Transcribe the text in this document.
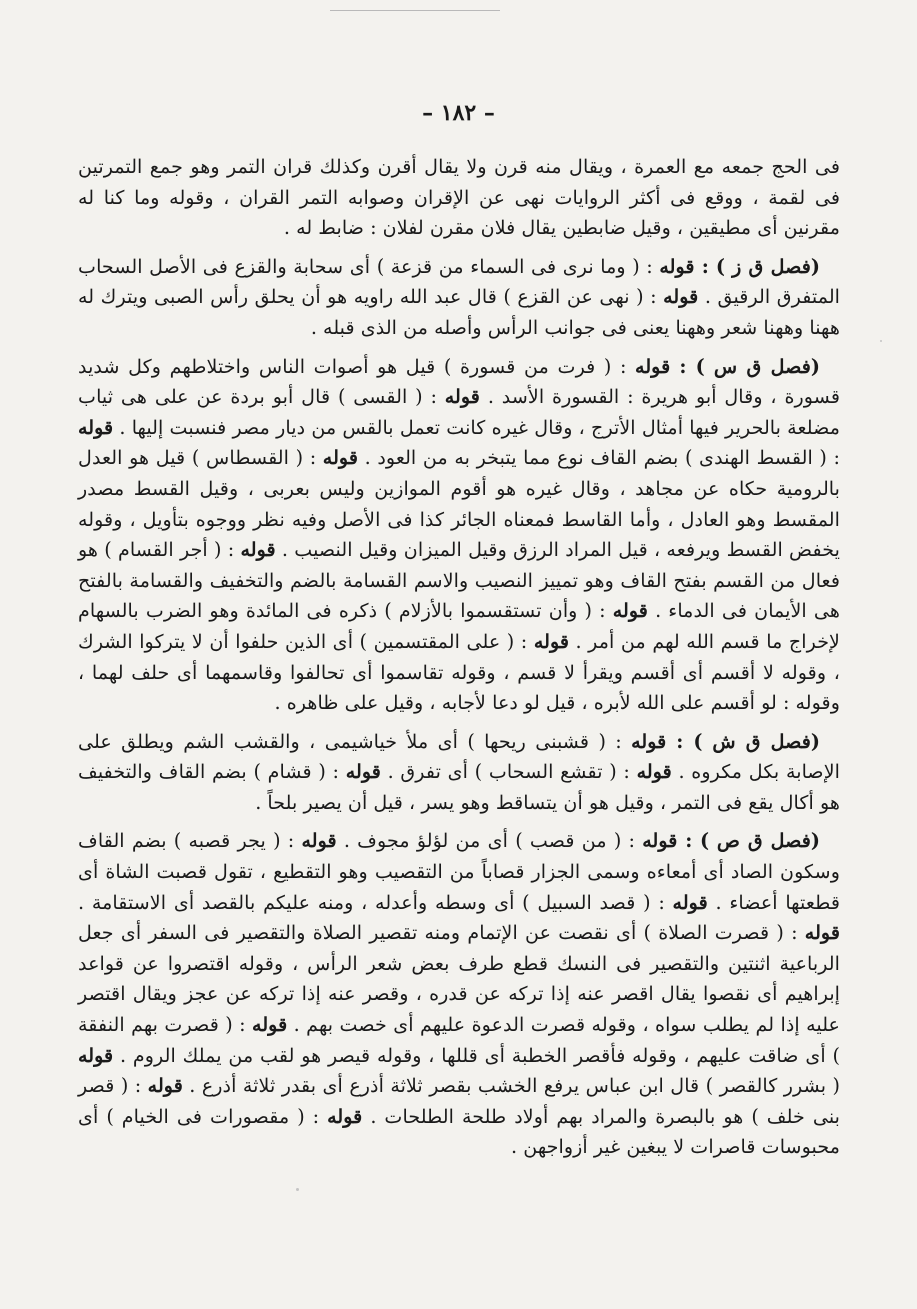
– ١٨٢ –

فى الحج جمعه مع العمرة ، ويقال منه قرن ولا يقال أقرن وكذلك قران التمر وهو جمع التمرتين فى لقمة ، ووقع فى أكثر الروايات نهى عن الإقران وصوابه التمر القران ، وقوله وما كنا له مقرنين أى مطيقين ، وقيل ضابطين يقال فلان مقرن لفلان : ضابط له .

(فصل ق ز ) : قوله : ( وما نرى فى السماء من قزعة ) أى سحابة والقزع فى الأصل السحاب المتفرق الرقيق . قوله : ( نهى عن القزع ) قال عبد الله راويه هو أن يحلق رأس الصبى ويترك له ههنا وههنا شعر وههنا يعنى فى جوانب الرأس وأصله من الذى قبله .

(فصل ق س ) : قوله : ( فرت من قسورة ) قيل هو أصوات الناس واختلاطهم وكل شديد قسورة ، وقال أبو هريرة : القسورة الأسد . قوله : ( القسى ) قال أبو بردة عن على هى ثياب مضلعة بالحرير فيها أمثال الأترج ، وقال غيره كانت تعمل بالقس من ديار مصر فنسبت إليها . قوله : ( القسط الهندى ) بضم القاف نوع مما يتبخر به من العود . قوله : ( القسطاس ) قيل هو العدل بالرومية حكاه عن مجاهد ، وقال غيره هو أقوم الموازين وليس بعربى ، وقيل القسط مصدر المقسط وهو العادل ، وأما القاسط فمعناه الجائر كذا فى الأصل وفيه نظر ووجوه بتأويل ، وقوله يخفض القسط ويرفعه ، قيل المراد الرزق وقيل الميزان وقيل النصيب . قوله : ( أجر القسام ) هو فعال من القسم بفتح القاف وهو تمييز النصيب والاسم القسامة بالضم والتخفيف والقسامة بالفتح هى الأيمان فى الدماء . قوله : ( وأن تستقسموا بالأزلام ) ذكره فى المائدة وهو الضرب بالسهام لإخراج ما قسم الله لهم من أمر . قوله : ( على المقتسمين ) أى الذين حلفوا أن لا يتركوا الشرك ، وقوله لا أقسم أى أقسم ويقرأ لا قسم ، وقوله تقاسموا أى تحالفوا وقاسمهما أى حلف لهما ، وقوله : لو أقسم على الله لأبره ، قيل لو دعا لأجابه ، وقيل على ظاهره .

(فصل ق ش ) : قوله : ( قشبنى ريحها ) أى ملأ خياشيمى ، والقشب الشم ويطلق على الإصابة بكل مكروه . قوله : ( تقشع السحاب ) أى تفرق . قوله : ( قشام ) بضم القاف والتخفيف هو أكال يقع فى التمر ، وقيل هو أن يتساقط وهو يسر ، قيل أن يصير بلحاً .

(فصل ق ص ) : قوله : ( من قصب ) أى من لؤلؤ مجوف . قوله : ( يجر قصبه ) بضم القاف وسكون الصاد أى أمعاءه وسمى الجزار قصاباً من التقصيب وهو التقطيع ، تقول قصبت الشاة أى قطعتها أعضاء . قوله : ( قصد السبيل ) أى وسطه وأعدله ، ومنه عليكم بالقصد أى الاستقامة . قوله : ( قصرت الصلاة ) أى نقصت عن الإتمام ومنه تقصير الصلاة والتقصير فى السفر أى جعل الرباعية اثنتين والتقصير فى النسك قطع طرف بعض شعر الرأس ، وقوله اقتصروا عن قواعد إبراهيم أى نقصوا يقال اقصر عنه إذا تركه عن قدره ، وقصر عنه إذا تركه عن عجز ويقال اقتصر عليه إذا لم يطلب سواه ، وقوله قصرت الدعوة عليهم أى خصت بهم . قوله : ( قصرت بهم النفقة ) أى ضاقت عليهم ، وقوله فأقصر الخطبة أى قللها ، وقوله قيصر هو لقب من يملك الروم . قوله ( بشرر كالقصر ) قال ابن عباس يرفع الخشب بقصر ثلاثة أذرع أى بقدر ثلاثة أذرع . قوله : ( قصر بنى خلف ) هو بالبصرة والمراد بهم أولاد طلحة الطلحات . قوله : ( مقصورات فى الخيام ) أى محبوسات قاصرات لا يبغين غير أزواجهن .
